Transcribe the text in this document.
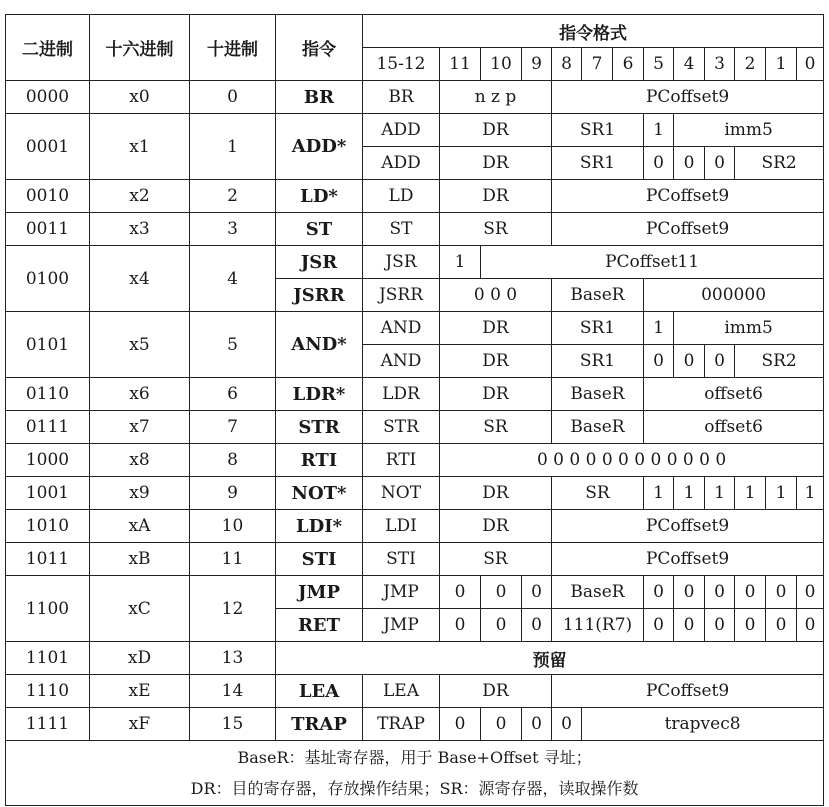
二进制	十六进制	十进制	指令	指令格式												
				15-12	11	10	9	8	7	6	5	4	3	2	1	0
0000	x0	0	BR	BR	n z p			PCoffset9								
0001	x1	1	ADD*	ADD	DR			SR1			1	imm5				
				ADD	DR			SR1			0	0	0	SR2		
0010	x2	2	LD*	LD	DR			PCoffset9								
0011	x3	3	ST	ST	SR			PCoffset9								
0100	x4	4	JSR	JSR	1	PCoffset11										
			JSRR	JSRR	0 0 0			BaseR			000000					
0101	x5	5	AND*	AND	DR			SR1			1	imm5				
				AND	DR			SR1			0	0	0	SR2		
0110	x6	6	LDR*	LDR	DR			BaseR			offset6					
0111	x7	7	STR	STR	SR			BaseR			offset6					
1000	x8	8	RTI	RTI	0 0 0 0 0 0 0 0 0 0 0 0											
1001	x9	9	NOT*	NOT	DR			SR			1	1	1	1	1	1
1010	xA	10	LDI*	LDI	DR			PCoffset9								
1011	xB	11	STI	STI	SR			PCoffset9								
1100	xC	12	JMP	JMP	0	0	0	BaseR			0	0	0	0	0	0
			RET	JMP	0	0	0	111(R7)			0	0	0	0	0	0
1101	xD	13	预留													
1110	xE	14	LEA	LEA	DR			PCoffset9								
1111	xF	15	TRAP	TRAP	0	0	0	0	trapvec8							

BaseR：基址寄存器，用于 Base+Offset 寻址；
DR：目的寄存器，存放操作结果；SR：源寄存器，读取操作数																
